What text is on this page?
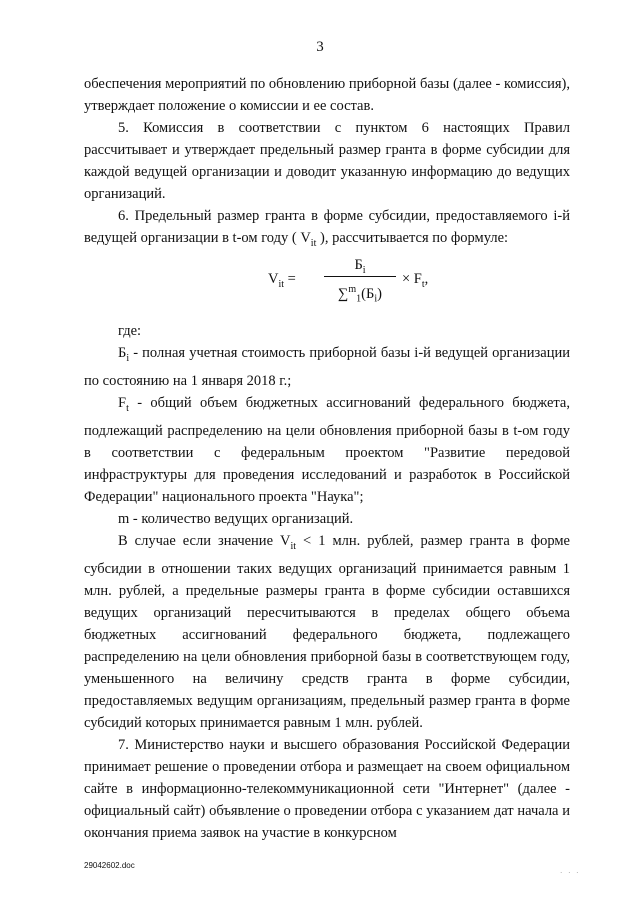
3

обеспечения мероприятий по обновлению приборной базы (далее - комиссия), утверждает положение о комиссии и ее состав.

5. Комиссия в соответствии с пунктом 6 настоящих Правил рассчитывает и утверждает предельный размер гранта в форме субсидии для каждой ведущей организации и доводит указанную информацию до ведущих организаций.

6. Предельный размер гранта в форме субсидии, предоставляемого i-й ведущей организации в t-ом году ( $V_{it}$ ), рассчитывается по формуле:

$V_{it}$ =
$Б_i$
$\sum^m_1(Б_i)$
× $F_t$,

где:

$Б_i$ - полная учетная стоимость приборной базы i-й ведущей организации по состоянию на 1 января 2018 г.;

$F_t$ - общий объем бюджетных ассигнований федерального бюджета, подлежащий распределению на цели обновления приборной базы в t-ом году в соответствии с федеральным проектом "Развитие передовой инфраструктуры для проведения исследований и разработок в Российской Федерации" национального проекта "Наука";

m - количество ведущих организаций.

В случае если значение $V_{it} < 1$ млн. рублей, размер гранта в форме субсидии в отношении таких ведущих организаций принимается равным 1 млн. рублей, а предельные размеры гранта в форме субсидии оставшихся ведущих организаций пересчитываются в пределах общего объема бюджетных ассигнований федерального бюджета, подлежащего распределению на цели обновления приборной базы в соответствующем году, уменьшенного на величину средств гранта в форме субсидии, предоставляемых ведущим организациям, предельный размер гранта в форме субсидий которых принимается равным 1 млн. рублей.

7. Министерство науки и высшего образования Российской Федерации принимает решение о проведении отбора и размещает на своем официальном сайте в информационно-телекоммуникационной сети "Интернет" (далее - официальный сайт) объявление о проведении отбора с указанием дат начала и окончания приема заявок на участие в конкурсном

29042602.doc
· · ·
